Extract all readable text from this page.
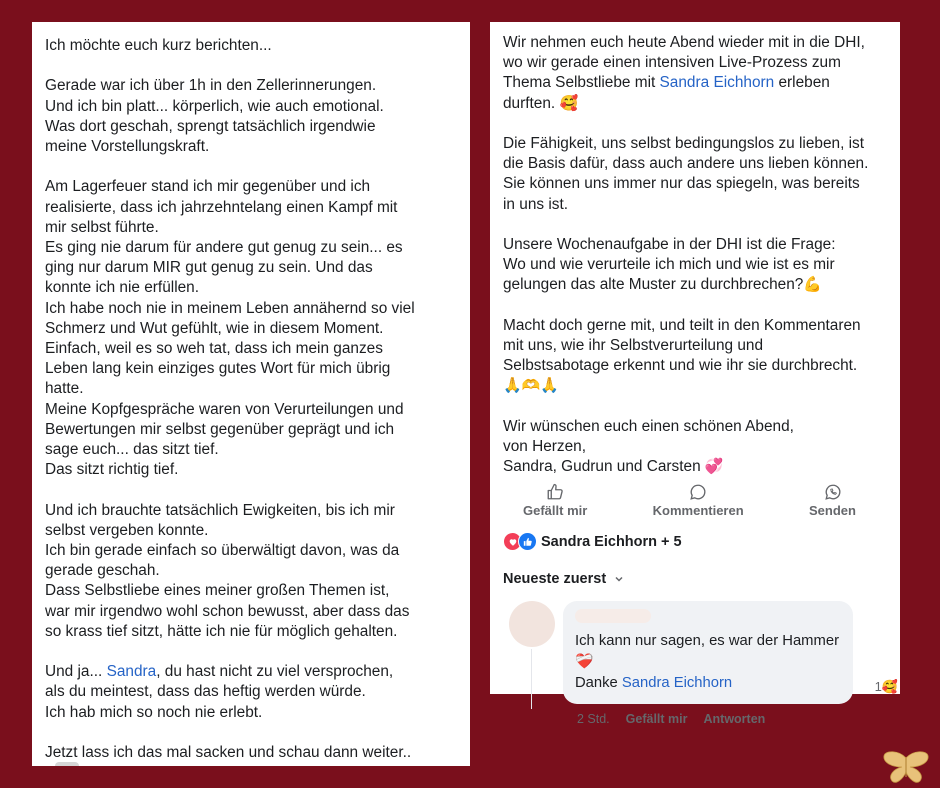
Ich möchte euch kurz berichten...

Gerade war ich über 1h in den Zellerinnerungen.
Und ich bin platt... körperlich, wie auch emotional.
Was dort geschah, sprengt tatsächlich irgendwie
meine Vorstellungskraft.

Am Lagerfeuer stand ich mir gegenüber und ich
realisierte, dass ich jahrzehntelang einen Kampf mit
mir selbst führte.
Es ging nie darum für andere gut genug zu sein... es
ging nur darum MIR gut genug zu sein. Und das
konnte ich nie erfüllen.
Ich habe noch nie in meinem Leben annähernd so viel
Schmerz und Wut gefühlt, wie in diesem Moment.
Einfach, weil es so weh tat, dass ich mein ganzes
Leben lang kein einziges gutes Wort für mich übrig
hatte.
Meine Kopfgespräche waren von Verurteilungen und
Bewertungen mir selbst gegenüber geprägt und ich
sage euch... das sitzt tief.
Das sitzt richtig tief.

Und ich brauchte tatsächlich Ewigkeiten, bis ich mir
selbst vergeben konnte.
Ich bin gerade einfach so überwältigt davon, was da
gerade geschah.
Dass Selbstliebe eines meiner großen Themen ist,
war mir irgendwo wohl schon bewusst, aber dass das
so krass tief sitzt, hätte ich nie für möglich gehalten.

Und ja... Sandra, du hast nicht zu viel versprochen,
als du meintest, dass das heftig werden würde.
Ich hab mich so noch nie erlebt.

Jetzt lass ich das mal sacken und schau dann weiter..

Wir nehmen euch heute Abend wieder mit in die DHI,
wo wir gerade einen intensiven Live-Prozess zum
Thema Selbstliebe mit Sandra Eichhorn erleben
durften. 🥰

Die Fähigkeit, uns selbst bedingungslos zu lieben, ist
die Basis dafür, dass auch andere uns lieben können.
Sie können uns immer nur das spiegeln, was bereits
in uns ist.

Unsere Wochenaufgabe in der DHI ist die Frage:
Wo und wie verurteile ich mich und wie ist es mir
gelungen das alte Muster zu durchbrechen?💪

Macht doch gerne mit, und teilt in den Kommentaren
mit uns, wie ihr Selbstverurteilung und
Selbstsabotage erkennt und wie ihr sie durchbrecht.
🙏🫶🙏

Wir wünschen euch einen schönen Abend,
von Herzen,
Sandra, Gudrun und Carsten 💞

Gefällt mir	Kommentieren	Senden
Sandra Eichhorn + 5
Neueste zuerst
Ich kann nur sagen, es war der Hammer
❤️‍🩹
Danke Sandra Eichhorn
2 Std. Gefällt mir Antworten
1🥰
